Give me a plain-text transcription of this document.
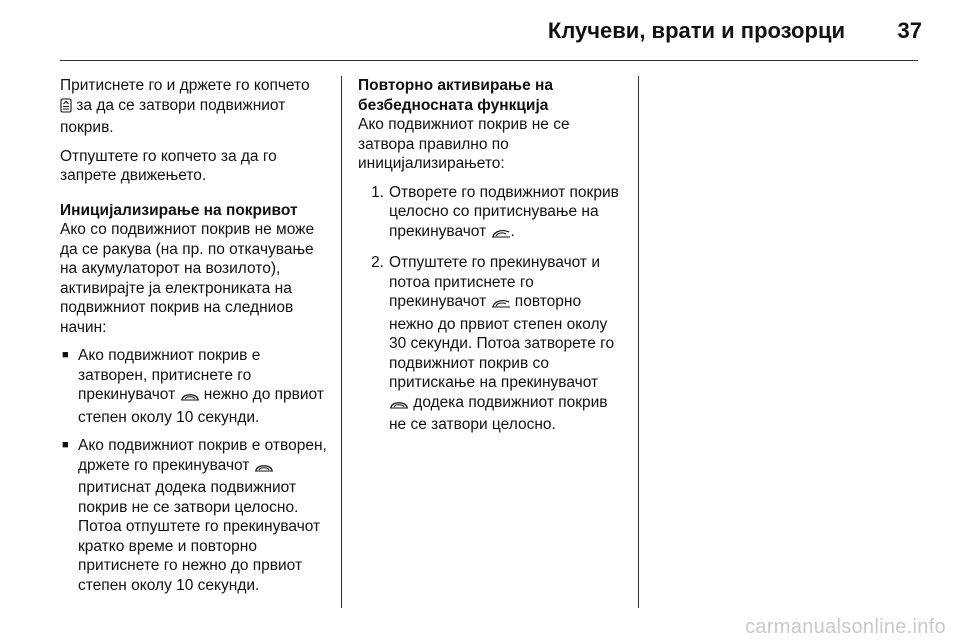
Клучеви, врати и прозорци 37

Притиснете го и држете го копчето
за да се затвори подвижниот покрив.

Отпуштете го копчето за да го запрете движењето.

Иницијализирање на покривот

Ако со подвижниот покрив не може да се ракува (на пр. по откачување на акумулаторот на возилото), активирајте ја електрониката на подвижниот покрив на следниов начин:

■ Ако подвижниот покрив е затворен, притиснете го прекинувачот  нежно до првиот степен околу 10 секунди.
■ Ако подвижниот покрив е отворен, држете го прекинувачот  притиснат додека подвижниот покрив не се затвори целосно. Потоа отпуштете го прекинувачот кратко време и повторно притиснете го нежно до првиот степен околу 10 секунди.
Повторно активирање на безбедносната функција

Ако подвижниот покрив не се затвора правилно по иницијализирањето:

1. Отворете го подвижниот покрив целосно со притиснување на прекинувачот .
2. Отпуштете го прекинувачот и потоа притиснете го прекинувачот  повторно нежно до првиот степен околу 30 секунди. Потоа затворете го подвижниот покрив со притискање на прекинувачот
додека подвижниот покрив не се затвори целосно.
carmanualsonline.info
